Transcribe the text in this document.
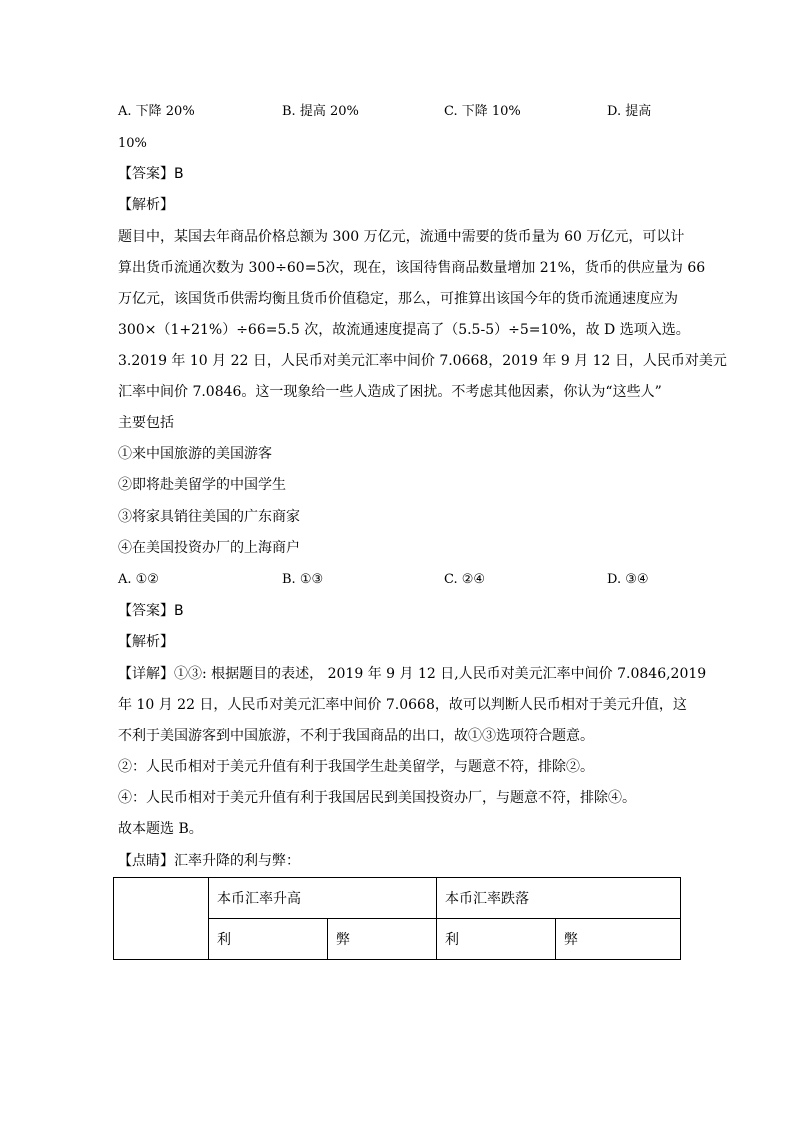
A. 下降 20%	B. 提高 20%	C. 下降 10%	D. 提高
10%
【答案】B
【解析】
题目中，某国去年商品价格总额为 300 万亿元，流通中需要的货币量为 60 万亿元，可以计
算出货币流通次数为 300÷60=5次，现在，该国待售商品数量增加 21%，货币的供应量为 66
万亿元，该国货币供需均衡且货币价值稳定，那么，可推算出该国今年的货币流通速度应为
300×（1+21%）÷66=5.5 次，故流通速度提高了（5.5-5）÷5=10%，故 D 选项入选。
3.2019 年 10 月 22 日，人民币对美元汇率中间价 7.0668，2019 年 9 月 12 日，人民币对美元
汇率中间价 7.0846。这一现象给一些人造成了困扰。不考虑其他因素，你认为“这些人”
主要包括
①来中国旅游的美国游客
②即将赴美留学的中国学生
③将家具销往美国的广东商家
④在美国投资办厂的上海商户
A. ①②	B. ①③	C. ②④	D. ③④
【答案】B
【解析】
【详解】①③: 根据题目的表述， 2019 年 9 月 12 日,人民币对美元汇率中间价 7.0846,2019
年 10 月 22 日，人民币对美元汇率中间价 7.0668，故可以判断人民币相对于美元升值，这
不利于美国游客到中国旅游，不利于我国商品的出口，故①③选项符合题意。
②：人民币相对于美元升值有利于我国学生赴美留学，与题意不符，排除②。
④：人民币相对于美元升值有利于我国居民到美国投资办厂，与题意不符，排除④。
故本题选 B。
【点睛】汇率升降的利与弊：
	本币汇率升高		本币汇率跌落	
	利	弊	利	弊
